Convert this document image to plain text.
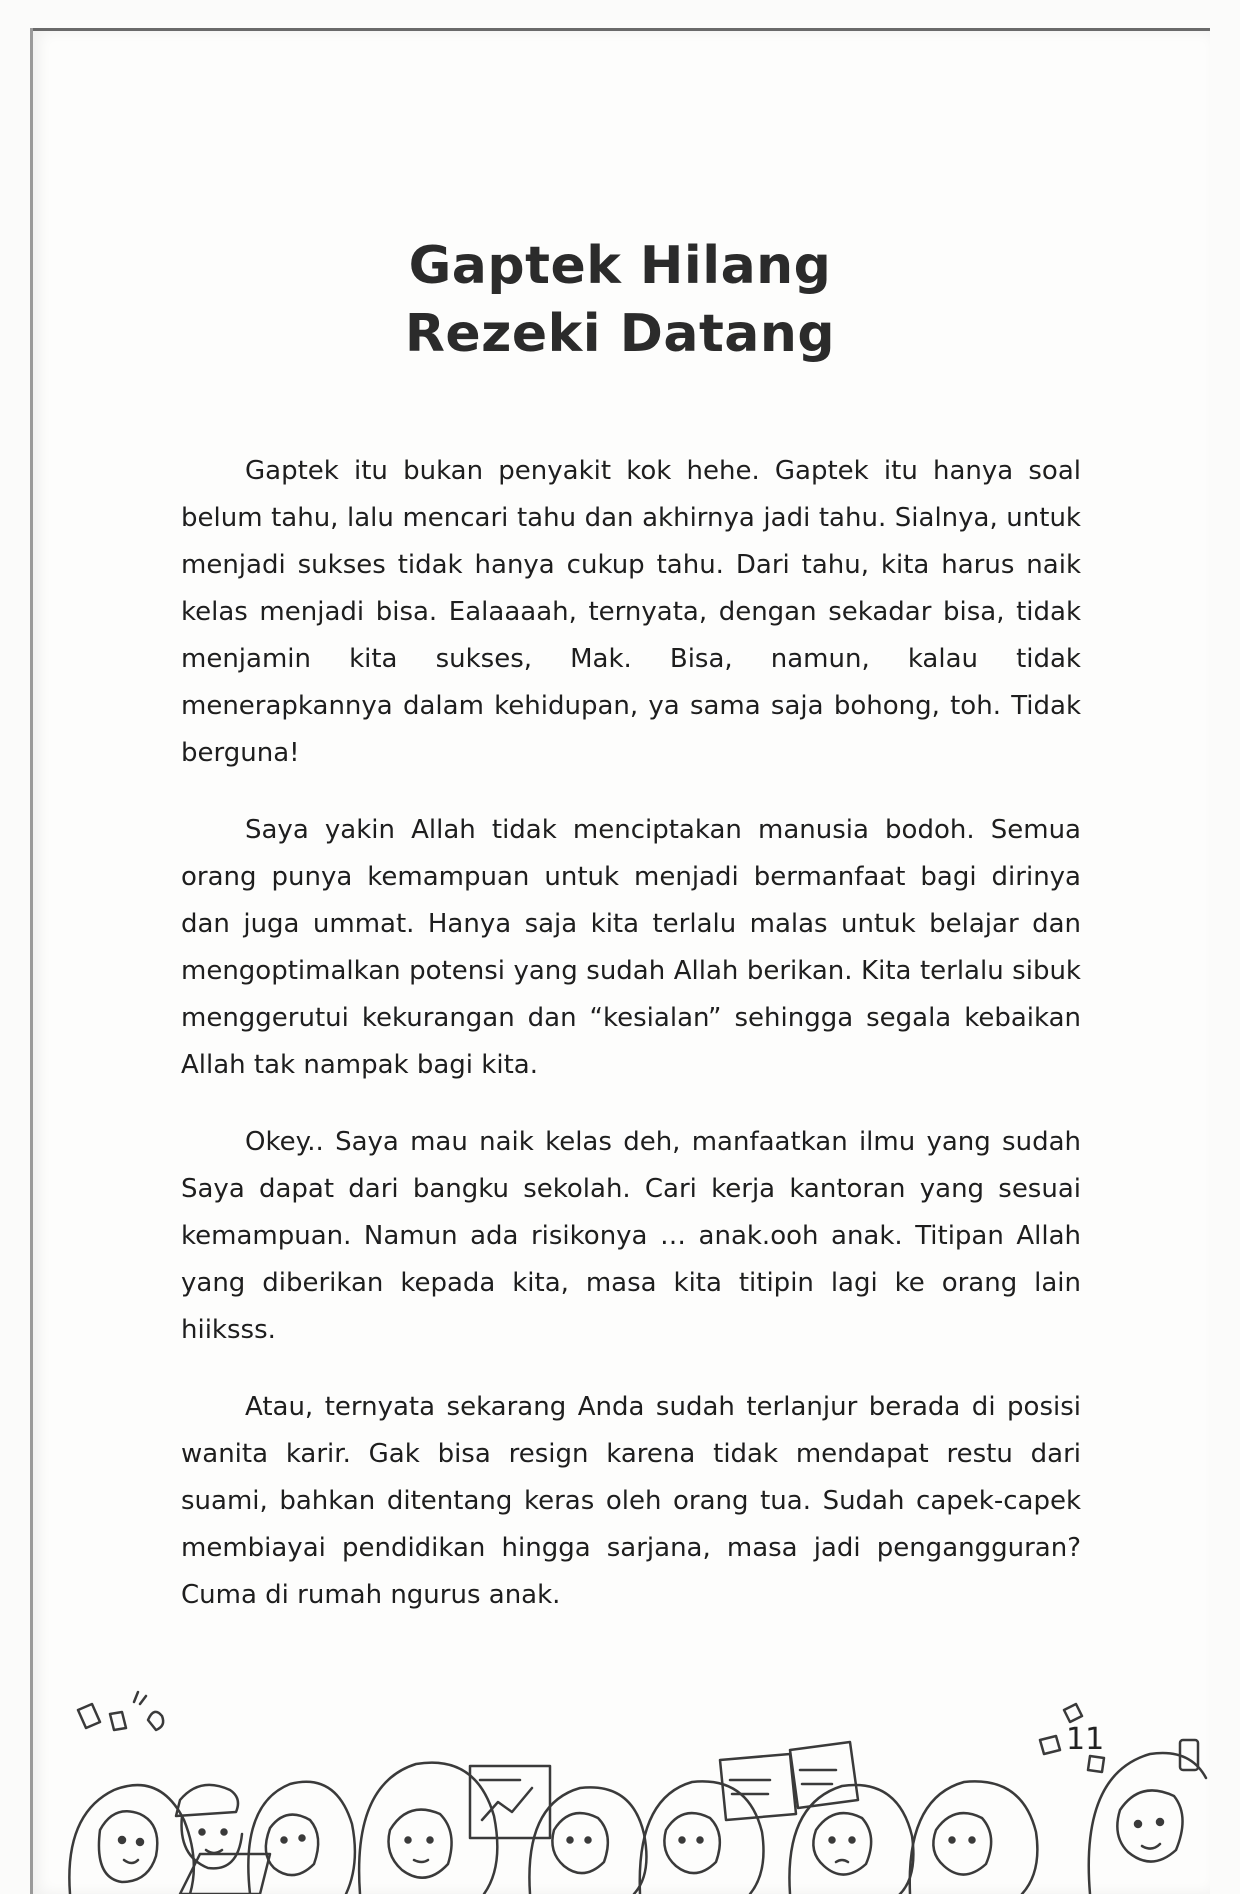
Gaptek Hilang
Rezeki Datang

Gaptek itu bukan penyakit kok hehe. Gaptek itu hanya soal belum tahu, lalu mencari tahu dan akhirnya jadi tahu. Sialnya, untuk menjadi sukses tidak hanya cukup tahu. Dari tahu, kita harus naik kelas menjadi bisa. Ealaaaah, ternyata, dengan sekadar bisa, tidak menjamin kita sukses, Mak. Bisa, namun, kalau tidak menerapkannya dalam kehidupan, ya sama saja bohong, toh. Tidak berguna!

Saya yakin Allah tidak menciptakan manusia bodoh. Semua orang punya kemampuan untuk menjadi bermanfaat bagi dirinya dan juga ummat. Hanya saja kita terlalu malas untuk belajar dan mengoptimalkan potensi yang sudah Allah berikan. Kita terlalu sibuk menggerutui kekurangan dan “kesialan” sehingga segala kebaikan Allah tak nampak bagi kita.

Okey.. Saya mau naik kelas deh, manfaatkan ilmu yang sudah Saya dapat dari bangku sekolah. Cari kerja kantoran yang sesuai kemampuan. Namun ada risikonya … anak.ooh anak. Titipan Allah yang diberikan kepada kita, masa kita titipin lagi ke orang lain hiiksss.

Atau, ternyata sekarang Anda sudah terlanjur berada di posisi wanita karir. Gak bisa resign karena tidak mendapat restu dari suami, bahkan ditentang keras oleh orang tua. Sudah capek-capek membiayai pendidikan hingga sarjana, masa jadi pengangguran? Cuma di rumah ngurus anak.

11
